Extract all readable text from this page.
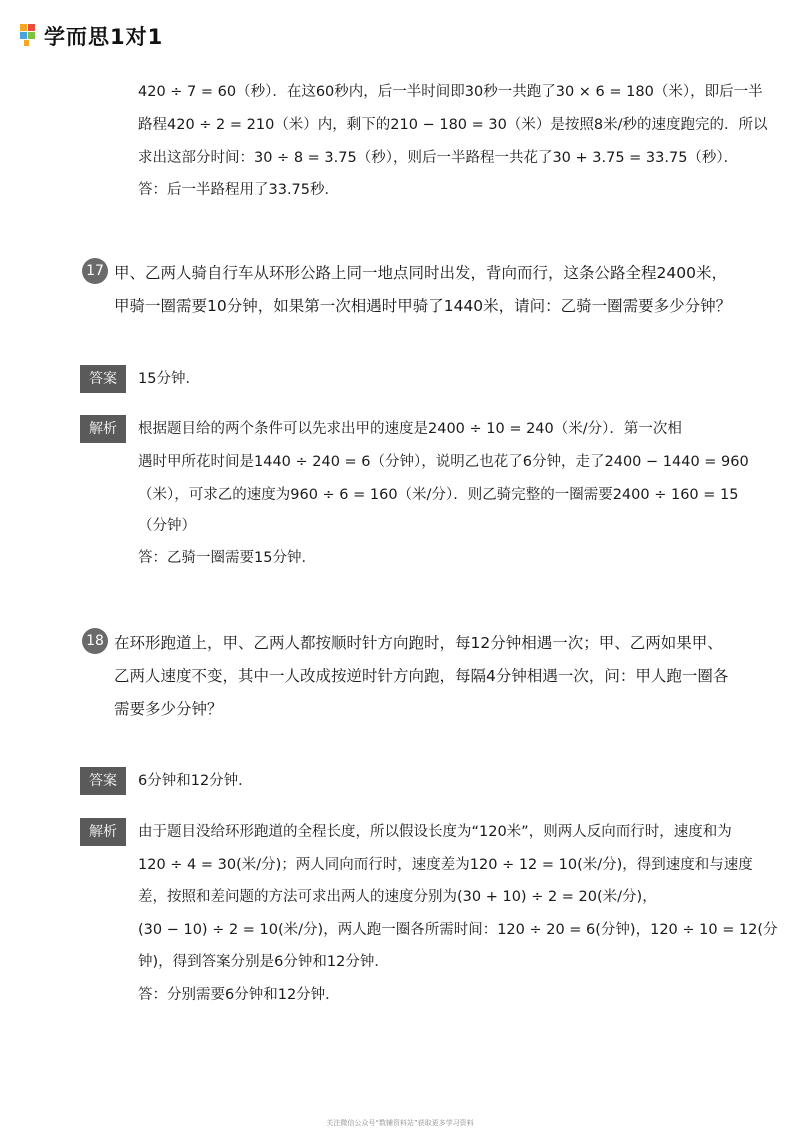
学而思1对1
420 ÷ 7 = 60（秒）．在这60秒内，后一半时间即30秒一共跑了30 × 6 = 180（米），即后一半
路程420 ÷ 2 = 210（米）内，剩下的210 − 180 = 30（米）是按照8米/秒的速度跑完的．所以
求出这部分时间：30 ÷ 8 = 3.75（秒），则后一半路程一共花了30 + 3.75 = 33.75（秒）．
答：后一半路程用了33.75秒．
17 甲、乙两人骑自行车从环形公路上同一地点同时出发，背向而行，这条公路全程2400米，
甲骑一圈需要10分钟，如果第一次相遇时甲骑了1440米，请问：乙骑一圈需要多少分钟？
答案	15分钟．
解析	根据题目给的两个条件可以先求出甲的速度是2400 ÷ 10 = 240（米/分）．第一次相
遇时甲所花时间是1440 ÷ 240 = 6（分钟），说明乙也花了6分钟，走了2400 − 1440 = 960
（米），可求乙的速度为960 ÷ 6 = 160（米/分）．则乙骑完整的一圈需要2400 ÷ 160 = 15
（分钟）
答：乙骑一圈需要15分钟．
18 在环形跑道上，甲、乙两人都按顺时针方向跑时，每12分钟相遇一次；甲、乙两如果甲、
乙两人速度不变，其中一人改成按逆时针方向跑，每隔4分钟相遇一次，问：甲人跑一圈各
需要多少分钟？
答案	6分钟和12分钟．
解析	由于题目没给环形跑道的全程长度，所以假设长度为“120米”，则两人反向而行时，速度和为
120 ÷ 4 = 30(米/分)；两人同向而行时，速度差为120 ÷ 12 = 10(米/分)，得到速度和与速度
差，按照和差问题的方法可求出两人的速度分别为(30 + 10) ÷ 2 = 20(米/分)，
(30 − 10) ÷ 2 = 10(米/分)，两人跑一圈各所需时间：120 ÷ 20 = 6(分钟)，120 ÷ 10 = 12(分
钟)，得到答案分别是6分钟和12分钟．
答：分别需要6分钟和12分钟．
关注微信公众号“数辅资料站”获取更多学习资料
